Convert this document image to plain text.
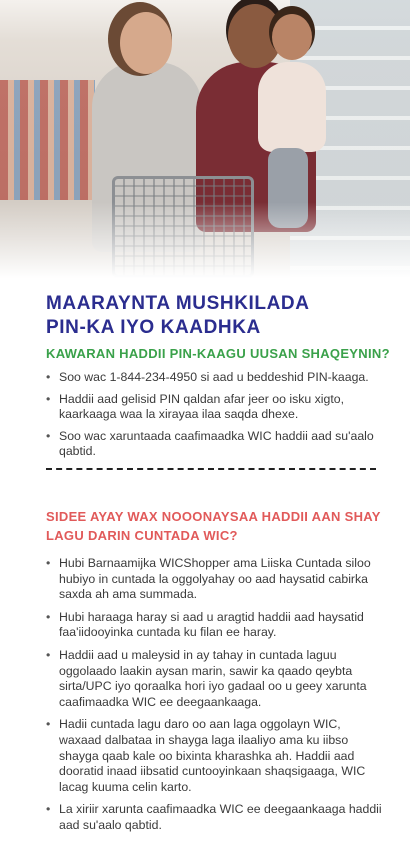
MAARAYNTA MUSHKILADA
PIN-KA IYO KAADHKA
KAWARAN HADDII PIN-KAAGU UUSAN SHAQEYNIN?
• Soo wac 1-844-234-4950 si aad u beddeshid PIN-kaaga.
• Haddii aad gelisid PIN qaldan afar jeer oo isku xigto, kaarkaaga waa la xirayaa ilaa saqda dhexe.
• Soo wac xaruntaada caafimaadka WIC haddii aad su'aalo qabtid.
SIDEE AYAY WAX NOOONAYSAA HADDII AAN SHAY
LAGU DARIN CUNTADA WIC?
• Hubi Barnaamijka WICShopper ama Liiska Cuntada siloo hubiyo in cuntada la oggolyahay oo aad haysatid cabirka saxda ah ama summada.
• Hubi haraaga haray si aad u aragtid haddii aad haysatid faa'iidooyinka cuntada ku filan ee haray.
• Haddii aad u maleysid in ay tahay in cuntada laguu oggolaado laakin aysan marin, sawir ka qaado qeybta sirta/UPC iyo qoraalka hori iyo gadaal oo u geey xarunta caafimaadka WIC ee deegaankaaga.
• Hadii cuntada lagu daro oo aan laga oggolayn WIC, waxaad dalbataa in shayga laga ilaaliyo ama ku iibso shayga qaab kale oo bixinta kharashka ah. Haddii aad dooratid inaad iibsatid cuntooyinkaan shaqsigaaga, WIC lacag kuuma celin karto.
• La xiriir xarunta caafimaadka WIC ee deegaankaaga haddii aad su'aalo qabtid.
